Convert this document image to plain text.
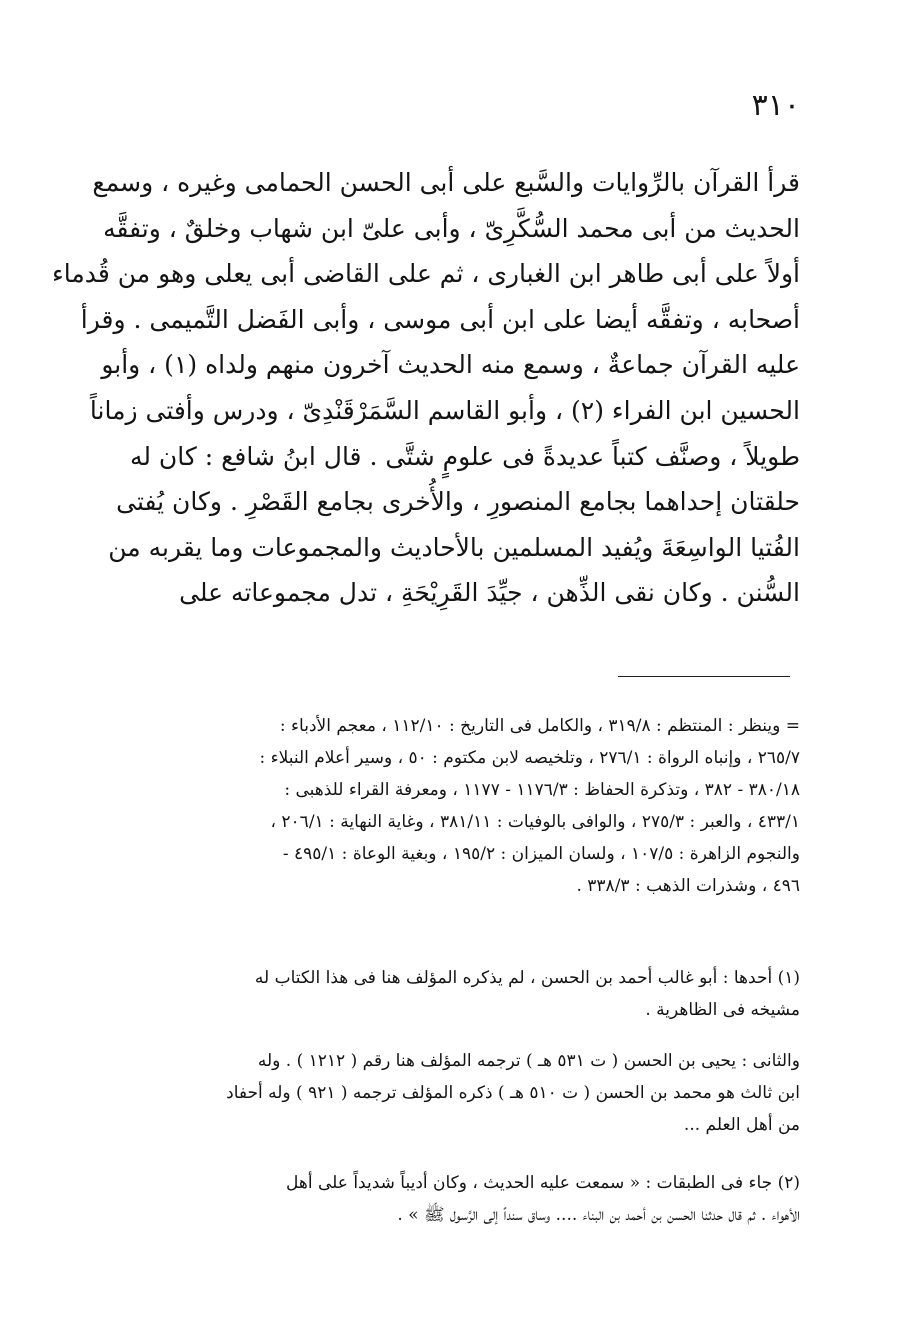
٣١٠
قرأ القرآن بالرِّوايات والسَّبع على أبى الحسن الحمامى وغيره ، وسمع
الحديث من أبى محمد السُّكَّرِىّ ، وأبى علىّ ابن شهاب وخلقٌ ، وتفقَّه
أولاً على أبى طاهر ابن الغبارى ، ثم على القاضى أبى يعلى وهو من قُدماء
أصحابه ، وتفقَّه أيضا على ابن أبى موسى ، وأبى الفَضل التَّميمى . وقرأ
عليه القرآن جماعةٌ ، وسمع منه الحديث آخرون منهم ولداه (١) ، وأبو
الحسين ابن الفراء (٢) ، وأبو القاسم السَّمَرْقَنْدِىّ ، ودرس وأفتى زماناً
طويلاً ، وصنَّف كتباً عديدةً فى علومٍ شتَّى . قال ابنُ شافع : كان له
حلقتان إحداهما بجامع المنصورِ ، والأُخرى بجامع القَصْرِ . وكان يُفتى
الفُتيا الواسِعَةَ ويُفيد المسلمين بالأحاديث والمجموعات وما يقربه من
السُّنن . وكان نقى الذِّهن ، جيِّدَ القَرِيْحَةِ ، تدل مجموعاته على
= وينظر : المنتظم : ٣١٩/٨ ، والكامل فى التاريخ : ١١٢/١٠ ، معجم الأدباء :
٢٦٥/٧ ، وإنباه الرواة : ٢٧٦/١ ، وتلخيصه لابن مكتوم : ٥٠ ، وسير أعلام النبلاء :
٣٨٠/١٨ - ٣٨٢ ، وتذكرة الحفاظ : ١١٧٦/٣ - ١١٧٧ ، ومعرفة القراء للذهبى :
٤٣٣/١ ، والعبر : ٢٧٥/٣ ، والوافى بالوفيات : ٣٨١/١١ ، وغاية النهاية : ٢٠٦/١ ،
والنجوم الزاهرة : ١٠٧/٥ ، ولسان الميزان : ١٩٥/٢ ، وبغية الوعاة : ٤٩٥/١ -
٤٩٦ ، وشذرات الذهب : ٣٣٨/٣ .
(١) أحدها : أبو غالب أحمد بن الحسن ، لم يذكره المؤلف هنا فى هذا الكتاب له
مشيخه فى الظاهرية .
والثانى : يحيى بن الحسن ( ت ٥٣١ هـ ) ترجمه المؤلف هنا رقم ( ١٢١٢ ) . وله
ابن ثالث هو محمد بن الحسن ( ت ٥١٠ هـ ) ذكره المؤلف ترجمه ( ٩٢١ ) وله أحفاد
من أهل العلم ...
(٢) جاء فى الطبقات : « سمعت عليه الحديث ، وكان أديباً شديداً على أهل
الأهواء . ثم قال حدثنا الحسن بن أحمد بن البناء .... وساق سنداً إلى الرَّسول ﷺ » .
